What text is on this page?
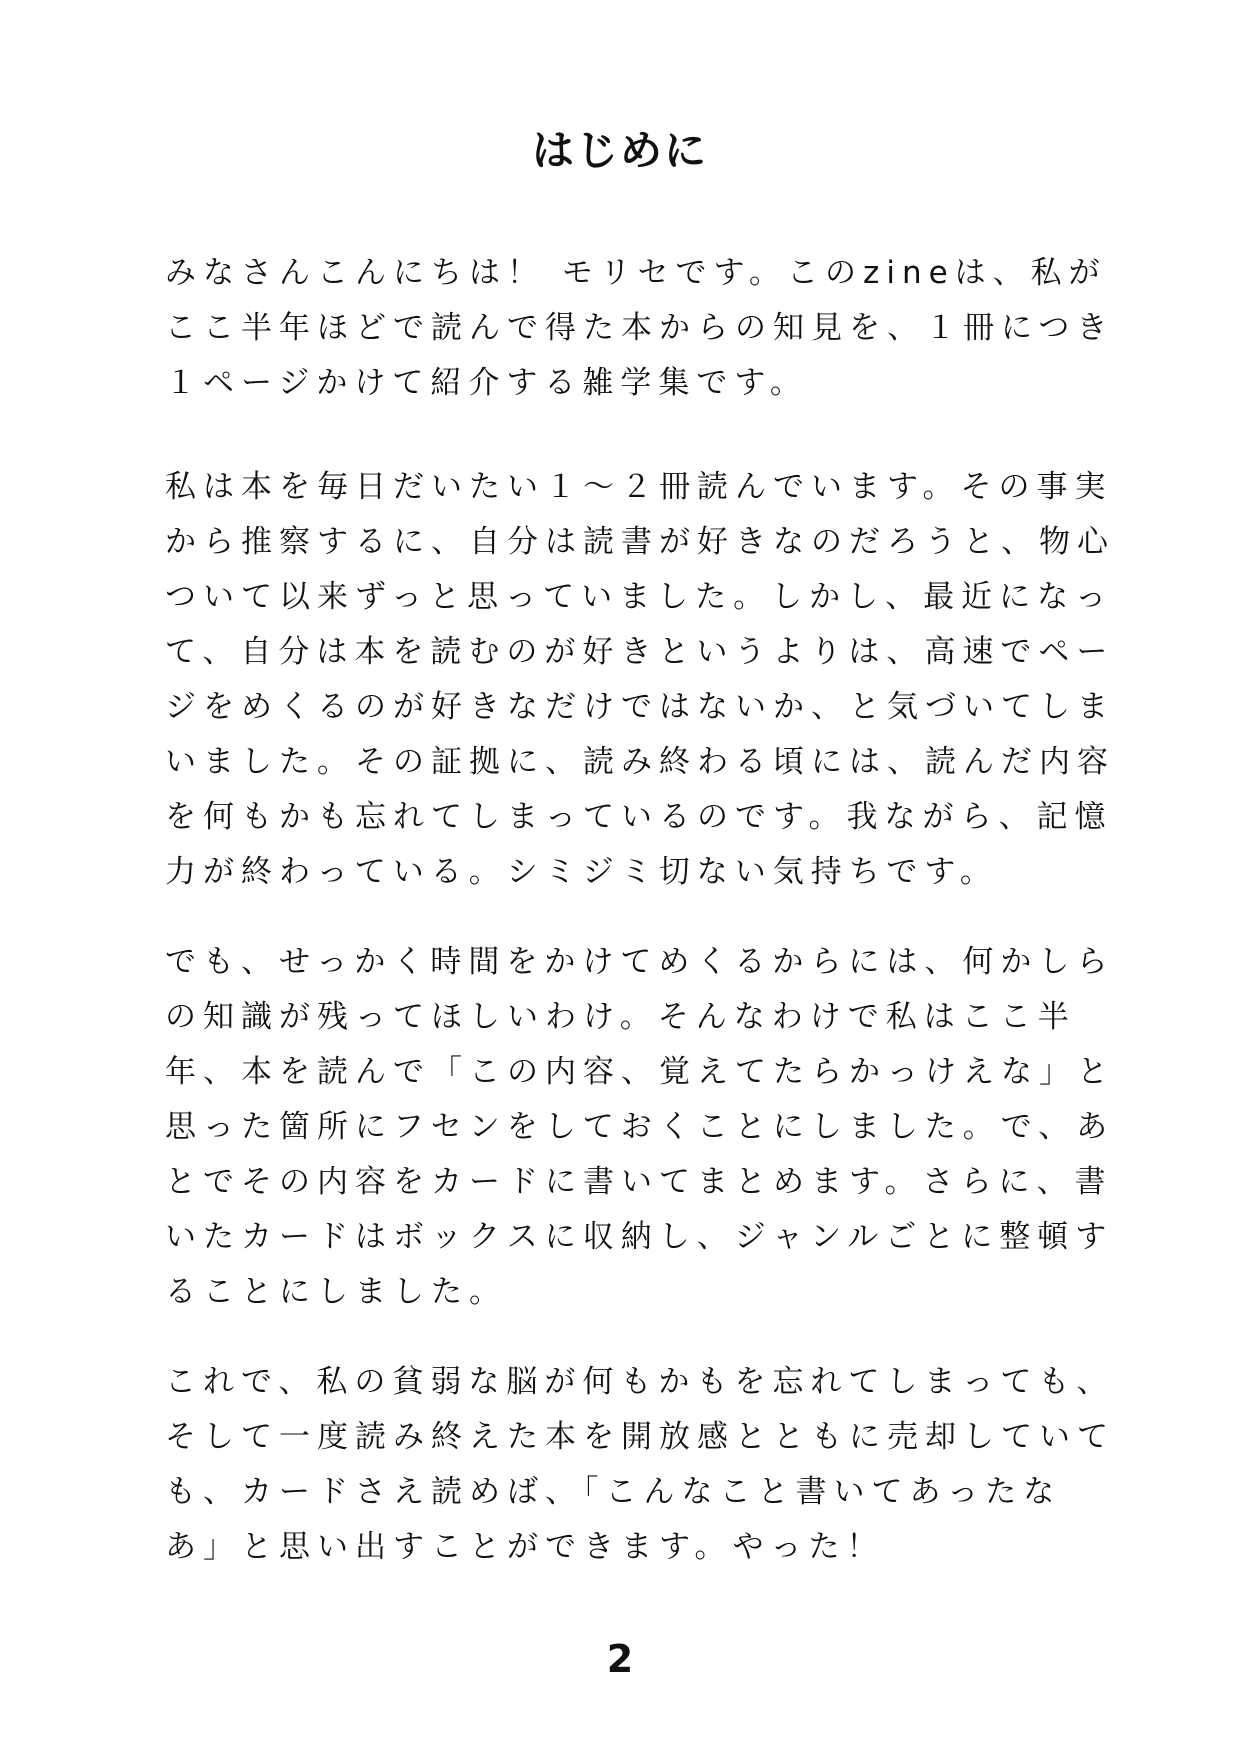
はじめに
みなさんこんにちは！ モリセです。このzineは、私が
ここ半年ほどで読んで得た本からの知見を、１冊につき
１ページかけて紹介する雑学集です。
私は本を毎日だいたい１〜２冊読んでいます。その事実
から推察するに、自分は読書が好きなのだろうと、物心
ついて以来ずっと思っていました。しかし、最近になっ
て、自分は本を読むのが好きというよりは、高速でペー
ジをめくるのが好きなだけではないか、と気づいてしま
いました。その証拠に、読み終わる頃には、読んだ内容
を何もかも忘れてしまっているのです。我ながら、記憶
力が終わっている。シミジミ切ない気持ちです。
でも、せっかく時間をかけてめくるからには、何かしら
の知識が残ってほしいわけ。そんなわけで私はここ半
年、本を読んで「この内容、覚えてたらかっけえな」と
思った箇所にフセンをしておくことにしました。で、あ
とでその内容をカードに書いてまとめます。さらに、書
いたカードはボックスに収納し、ジャンルごとに整頓す
ることにしました。
これで、私の貧弱な脳が何もかもを忘れてしまっても、
そして一度読み終えた本を開放感とともに売却していて
も、カードさえ読めば、「こんなこと書いてあったな
あ」と思い出すことができます。やった！
2
